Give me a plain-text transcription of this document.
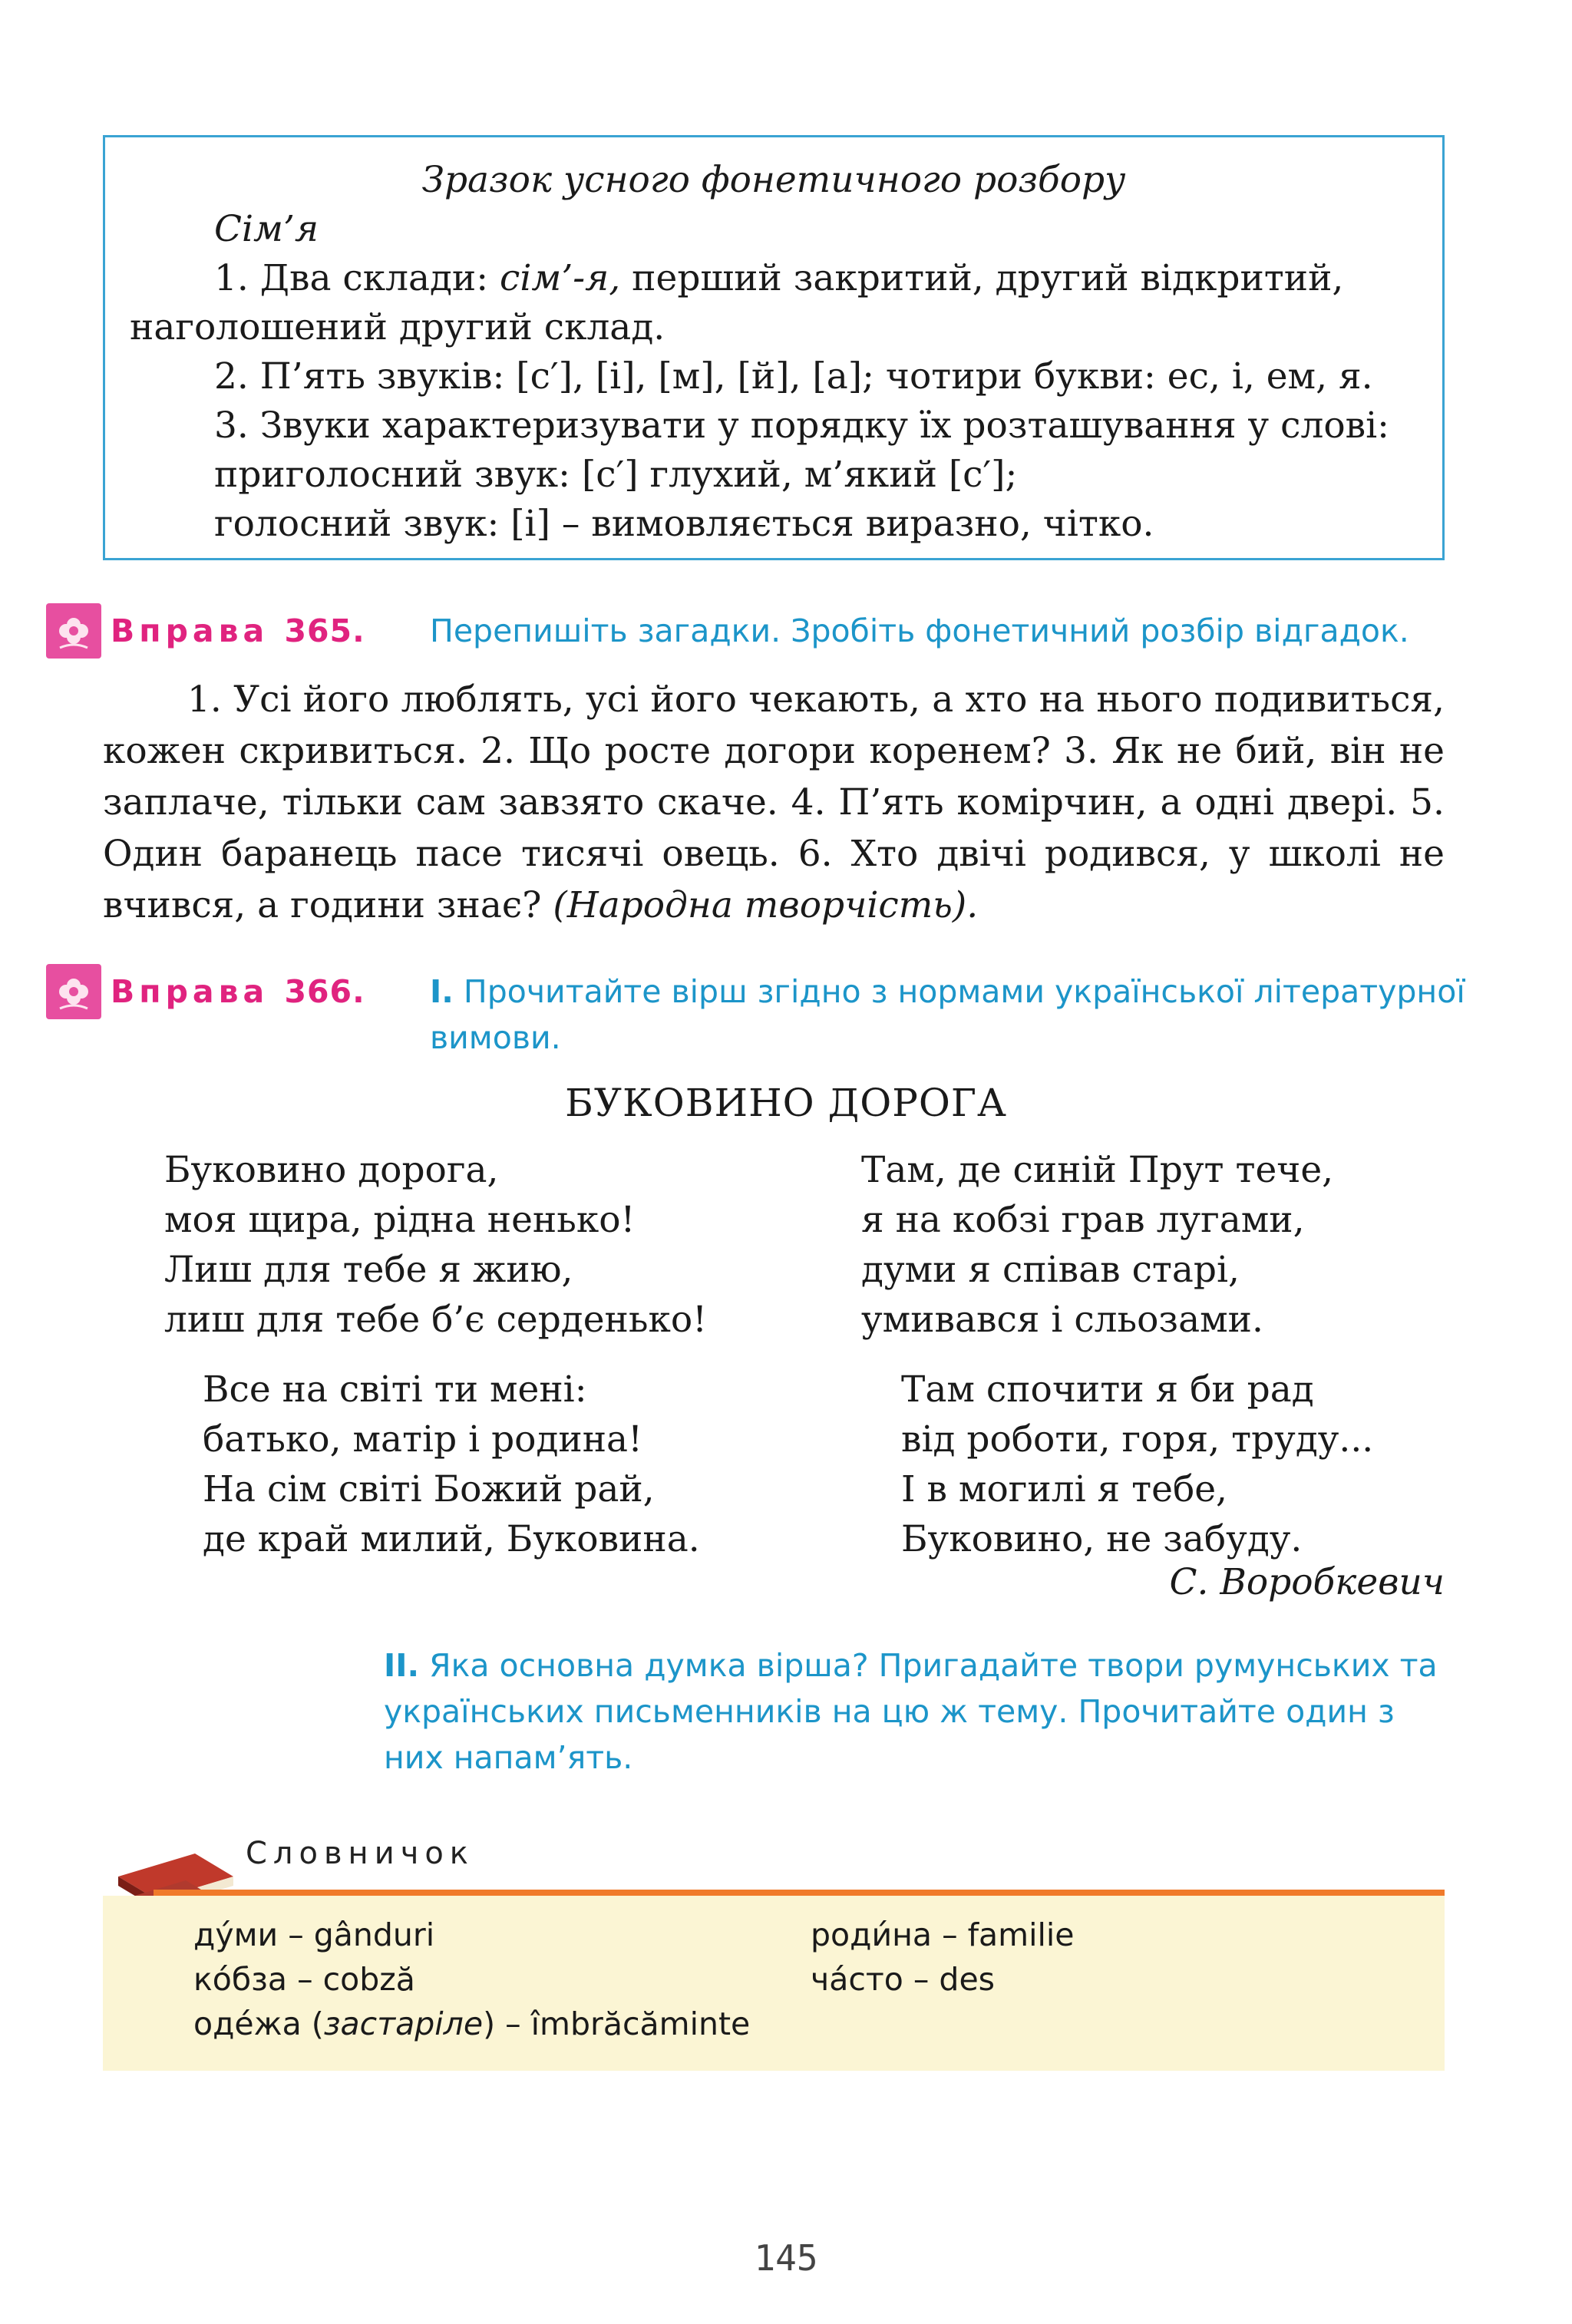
Зразок усного фонетичного розбору
Сім’я
1. Два склади: сім’-я, перший закритий, другий відкритий,
наголошений другий склад.
2. П’ять звуків: [с′], [і], [м], [й], [а]; чотири букви: ес, і, ем, я.
3. Звуки характеризувати у порядку їх розташування у слові:
приголосний звук: [с′] глухий, м’який [с′];
голосний звук: [і] – вимовляється виразно, чітко.
Вправа 365. Перепишіть загадки. Зробіть фонетичний розбір відгадок.
1. Усі його люблять, усі його чекають, а хто на нього подивиться, кожен скривиться. 2. Що росте догори коренем? 3. Як не бий, він не заплаче, тільки сам завзято скаче. 4. П’ять комірчин, а одні двері. 5. Один баранець пасе тисячі овець. 6. Хто двічі родився, у школі не вчився, а години знає? (Народна творчість).
Вправа 366. І. Прочитайте вірш згідно з нормами української літературної вимови.
БУКОВИНО ДОРОГА
Буковино дорога,
моя щира, рідна ненько!
Лиш для тебе я жию,
лиш для тебе б’є серденько!
Там, де синій Прут тече,
я на кобзі грав лугами,
думи я співав старі,
умивався і сльозами.
Все на світі ти мені:
батько, матір і родина!
На сім світі Божий рай,
де край милий, Буковина.
Там спочити я би рад
від роботи, горя, труду...
І в могилі я тебе,
Буковино, не забуду.
С. Воробкевич
ІІ. Яка основна думка вірша? Пригадайте твори румунських та українських письменників на цю ж тему. Прочитайте один з них напам’ять.
Словничок
ду́ми – gânduri
ко́бза – cobză
оде́жа (застаріле) – îmbrăcăminte
роди́на – familie
ча́сто – des
145
